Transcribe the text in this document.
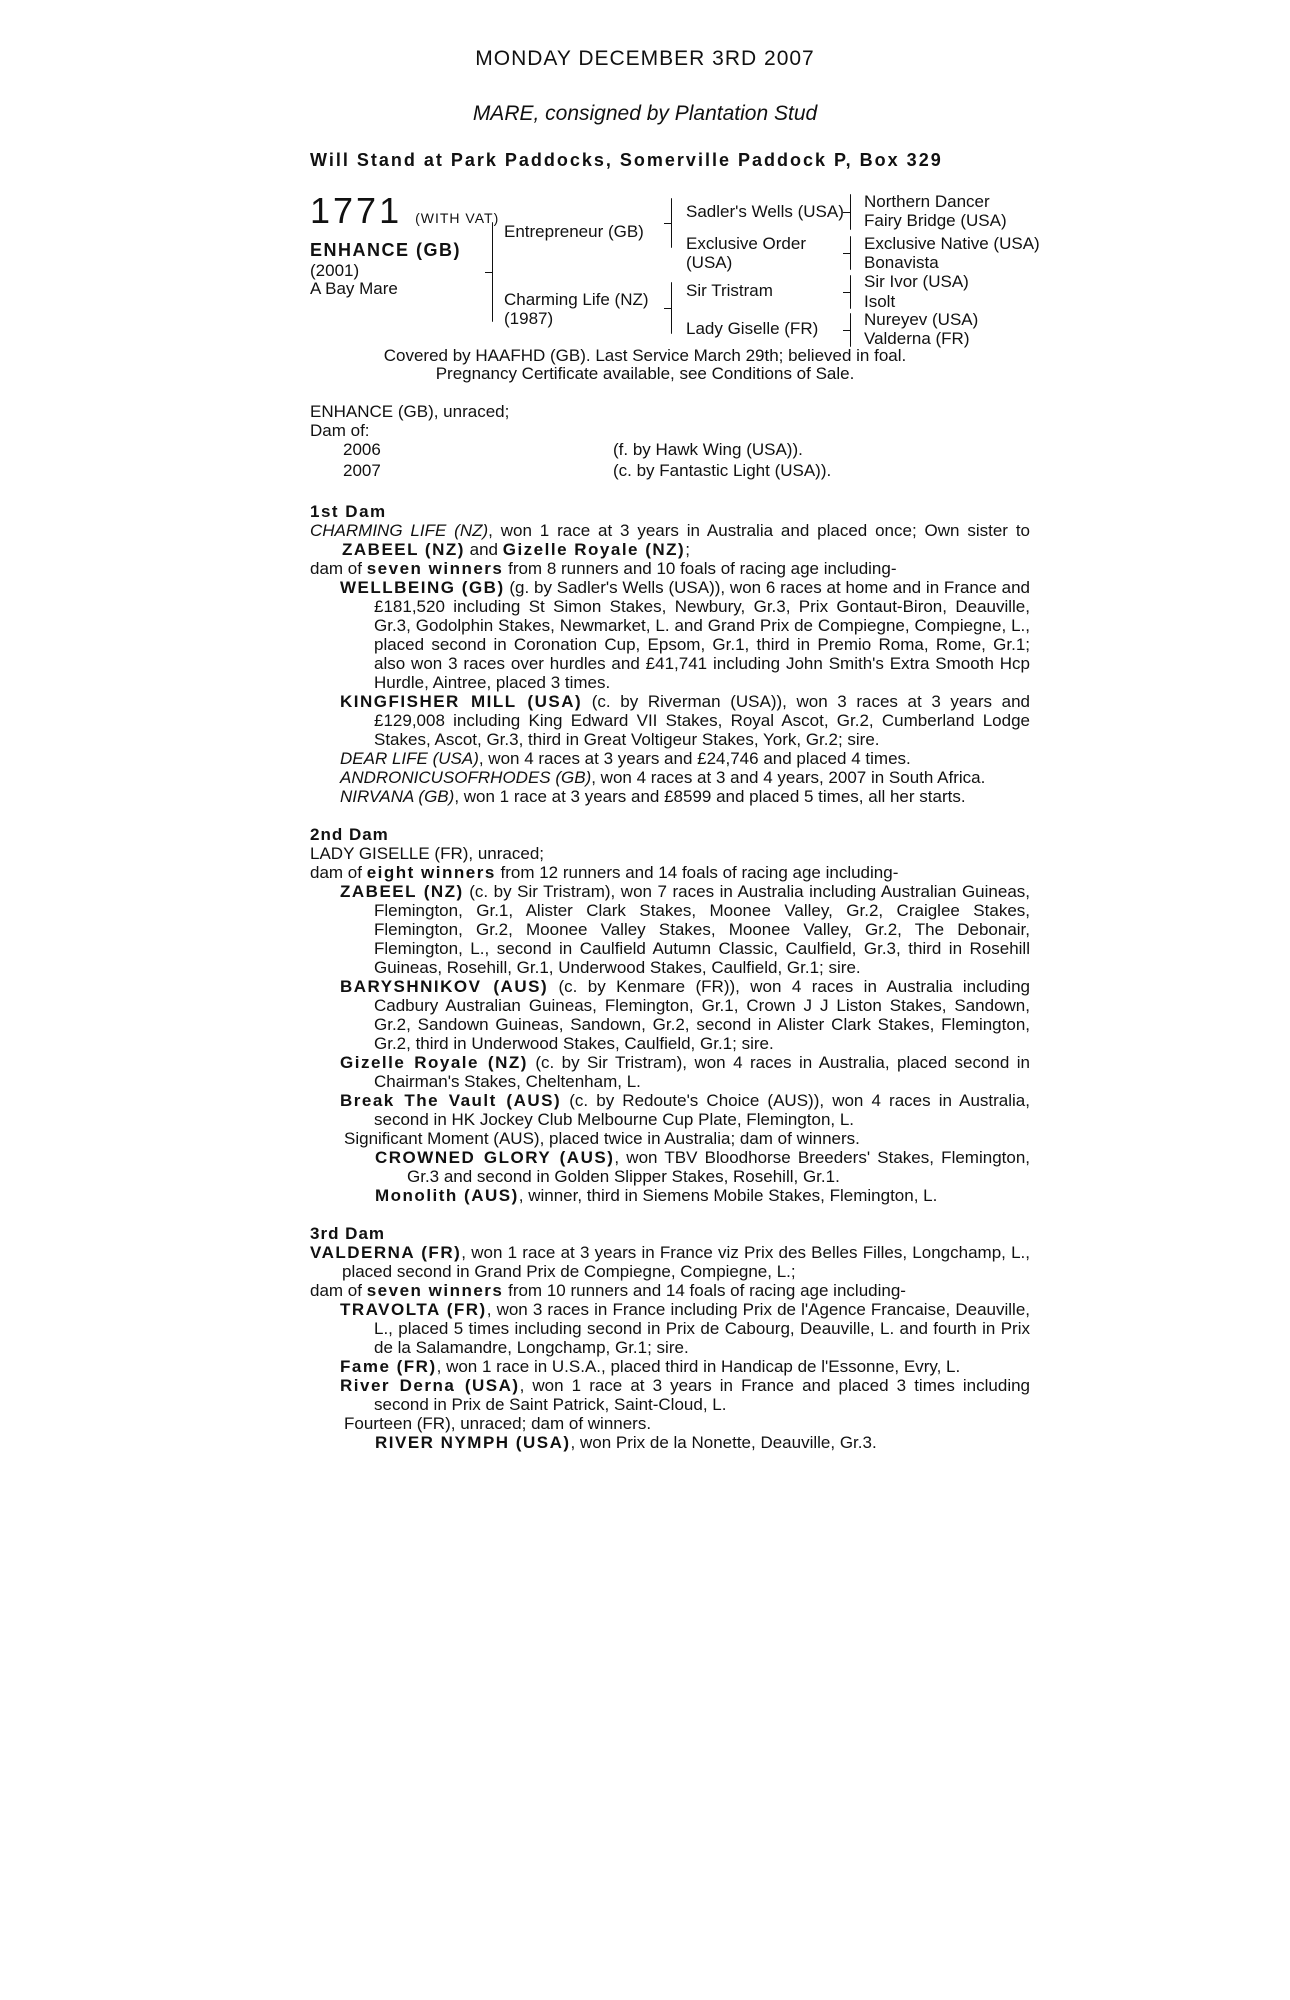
MONDAY DECEMBER 3RD 2007
MARE, consigned by Plantation Stud
Will Stand at Park Paddocks, Somerville Paddock P, Box 329
1771 (WITH VAT)
ENHANCE (GB)
(2001)
A Bay Mare
Entrepreneur (GB)
Charming Life (NZ)
(1987)
Sadler's Wells (USA)
Exclusive Order
(USA)
Sir Tristram
Lady Giselle (FR)
Northern Dancer
Fairy Bridge (USA)
Exclusive Native (USA)
Bonavista
Sir Ivor (USA)
Isolt
Nureyev (USA)
Valderna (FR)
Covered by HAAFHD (GB). Last Service March 29th; believed in foal.
Pregnancy Certificate available, see Conditions of Sale.
ENHANCE (GB), unraced;
Dam of:
2006	(f. by Hawk Wing (USA)).
2007	(c. by Fantastic Light (USA)).

1st Dam

CHARMING LIFE (NZ), won 1 race at 3 years in Australia and placed once; Own sister to ZABEEL (NZ) and Gizelle Royale (NZ);

dam of seven winners from 8 runners and 10 foals of racing age including-

WELLBEING (GB) (g. by Sadler's Wells (USA)), won 6 races at home and in France and £181,520 including St Simon Stakes, Newbury, Gr.3, Prix Gontaut-Biron, Deauville, Gr.3, Godolphin Stakes, Newmarket, L. and Grand Prix de Compiegne, Compiegne, L., placed second in Coronation Cup, Epsom, Gr.1, third in Premio Roma, Rome, Gr.1; also won 3 races over hurdles and £41,741 including John Smith's Extra Smooth Hcp Hurdle, Aintree, placed 3 times.

KINGFISHER MILL (USA) (c. by Riverman (USA)), won 3 races at 3 years and £129,008 including King Edward VII Stakes, Royal Ascot, Gr.2, Cumberland Lodge Stakes, Ascot, Gr.3, third in Great Voltigeur Stakes, York, Gr.2; sire.

DEAR LIFE (USA), won 4 races at 3 years and £24,746 and placed 4 times.

ANDRONICUSOFRHODES (GB), won 4 races at 3 and 4 years, 2007 in South Africa.

NIRVANA (GB), won 1 race at 3 years and £8599 and placed 5 times, all her starts.

2nd Dam

LADY GISELLE (FR), unraced;

dam of eight winners from 12 runners and 14 foals of racing age including-

ZABEEL (NZ) (c. by Sir Tristram), won 7 races in Australia including Australian Guineas, Flemington, Gr.1, Alister Clark Stakes, Moonee Valley, Gr.2, Craiglee Stakes, Flemington, Gr.2, Moonee Valley Stakes, Moonee Valley, Gr.2, The Debonair, Flemington, L., second in Caulfield Autumn Classic, Caulfield, Gr.3, third in Rosehill Guineas, Rosehill, Gr.1, Underwood Stakes, Caulfield, Gr.1; sire.

BARYSHNIKOV (AUS) (c. by Kenmare (FR)), won 4 races in Australia including Cadbury Australian Guineas, Flemington, Gr.1, Crown J J Liston Stakes, Sandown, Gr.2, Sandown Guineas, Sandown, Gr.2, second in Alister Clark Stakes, Flemington, Gr.2, third in Underwood Stakes, Caulfield, Gr.1; sire.

Gizelle Royale (NZ) (c. by Sir Tristram), won 4 races in Australia, placed second in Chairman's Stakes, Cheltenham, L.

Break The Vault (AUS) (c. by Redoute's Choice (AUS)), won 4 races in Australia, second in HK Jockey Club Melbourne Cup Plate, Flemington, L.

Significant Moment (AUS), placed twice in Australia; dam of winners.

CROWNED GLORY (AUS), won TBV Bloodhorse Breeders' Stakes, Flemington, Gr.3 and second in Golden Slipper Stakes, Rosehill, Gr.1.

Monolith (AUS), winner, third in Siemens Mobile Stakes, Flemington, L.

3rd Dam

VALDERNA (FR), won 1 race at 3 years in France viz Prix des Belles Filles, Longchamp, L., placed second in Grand Prix de Compiegne, Compiegne, L.;

dam of seven winners from 10 runners and 14 foals of racing age including-

TRAVOLTA (FR), won 3 races in France including Prix de l'Agence Francaise, Deauville, L., placed 5 times including second in Prix de Cabourg, Deauville, L. and fourth in Prix de la Salamandre, Longchamp, Gr.1; sire.

Fame (FR), won 1 race in U.S.A., placed third in Handicap de l'Essonne, Evry, L.

River Derna (USA), won 1 race at 3 years in France and placed 3 times including second in Prix de Saint Patrick, Saint-Cloud, L.

Fourteen (FR), unraced; dam of winners.

RIVER NYMPH (USA), won Prix de la Nonette, Deauville, Gr.3.
